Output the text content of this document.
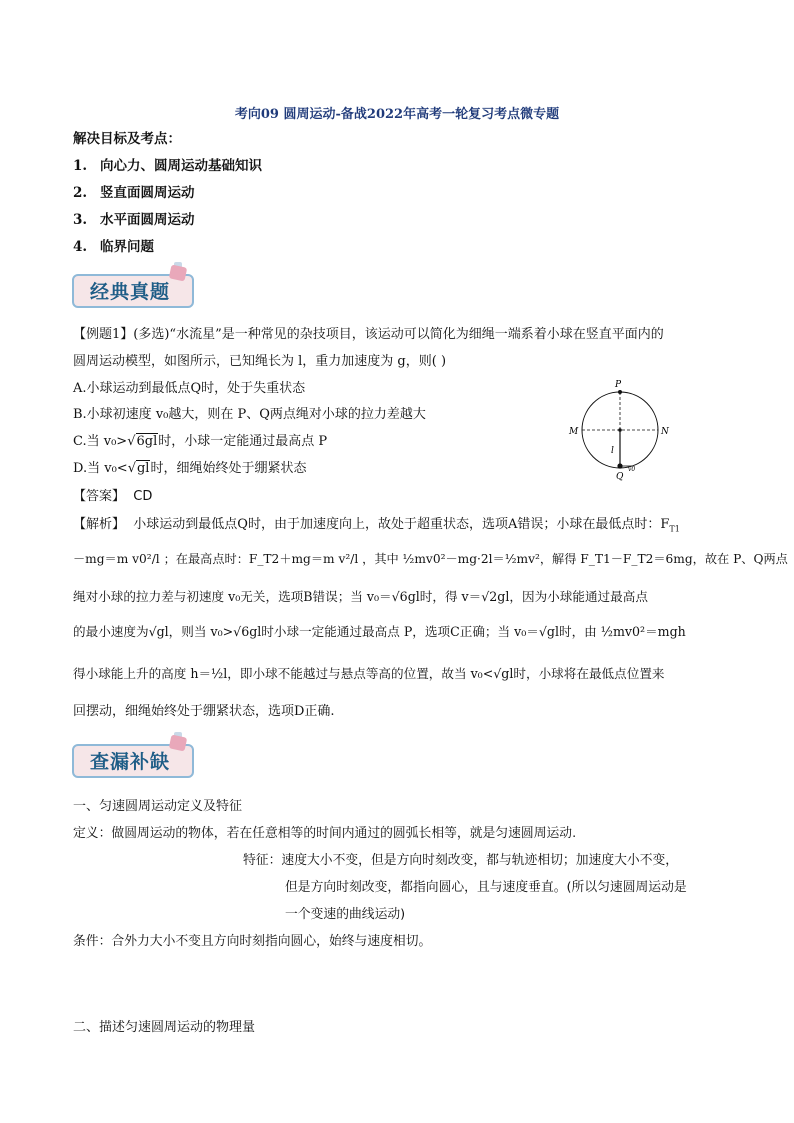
考向09 圆周运动-备战2022年高考一轮复习考点微专题
解决目标及考点：
1. 向心力、圆周运动基础知识
2. 竖直面圆周运动
3. 水平面圆周运动
4. 临界问题
经典真题
【例题1】(多选)“水流星”是一种常见的杂技项目，该运动可以简化为细绳一端系着小球在竖直平面内的
圆周运动模型，如图所示，已知绳长为 l，重力加速度为 g，则( )
A.小球运动到最低点Q时，处于失重状态
B.小球初速度 v₀越大，则在 P、Q两点绳对小球的拉力差越大
C.当 v₀>√6gl时，小球一定能通过最高点 P
D.当 v₀<√gl时，细绳始终处于绷紧状态
P
Q
M	N
l
v0
【答案】 CD
【解析】 小球运动到最低点Q时，由于加速度向上，故处于超重状态，选项A错误；小球在最低点时：$F_{T1}$
－mg＝m v0²/l ；在最高点时：F_T2＋mg＝m v²/l ，其中 ½mv0²－mg·2l＝½mv²，解得 F_T1－F_T2＝6mg，故在 P、Q两点
绳对小球的拉力差与初速度 v₀无关，选项B错误；当 v₀＝√6gl时，得 v＝√2gl，因为小球能通过最高点
的最小速度为√gl，则当 v₀>√6gl时小球一定能通过最高点 P，选项C正确；当 v₀＝√gl时，由 ½mv0²＝mgh
得小球能上升的高度 h＝½l，即小球不能越过与悬点等高的位置，故当 v₀<√gl时，小球将在最低点位置来
回摆动，细绳始终处于绷紧状态，选项D正确.
查漏补缺
一、匀速圆周运动定义及特征
定义：做圆周运动的物体，若在任意相等的时间内通过的圆弧长相等，就是匀速圆周运动.
特征：速度大小不变，但是方向时刻改变，都与轨迹相切；加速度大小不变，
但是方向时刻改变，都指向圆心，且与速度垂直。(所以匀速圆周运动是
一个变速的曲线运动)
条件：合外力大小不变且方向时刻指向圆心，始终与速度相切。
二、描述匀速圆周运动的物理量
